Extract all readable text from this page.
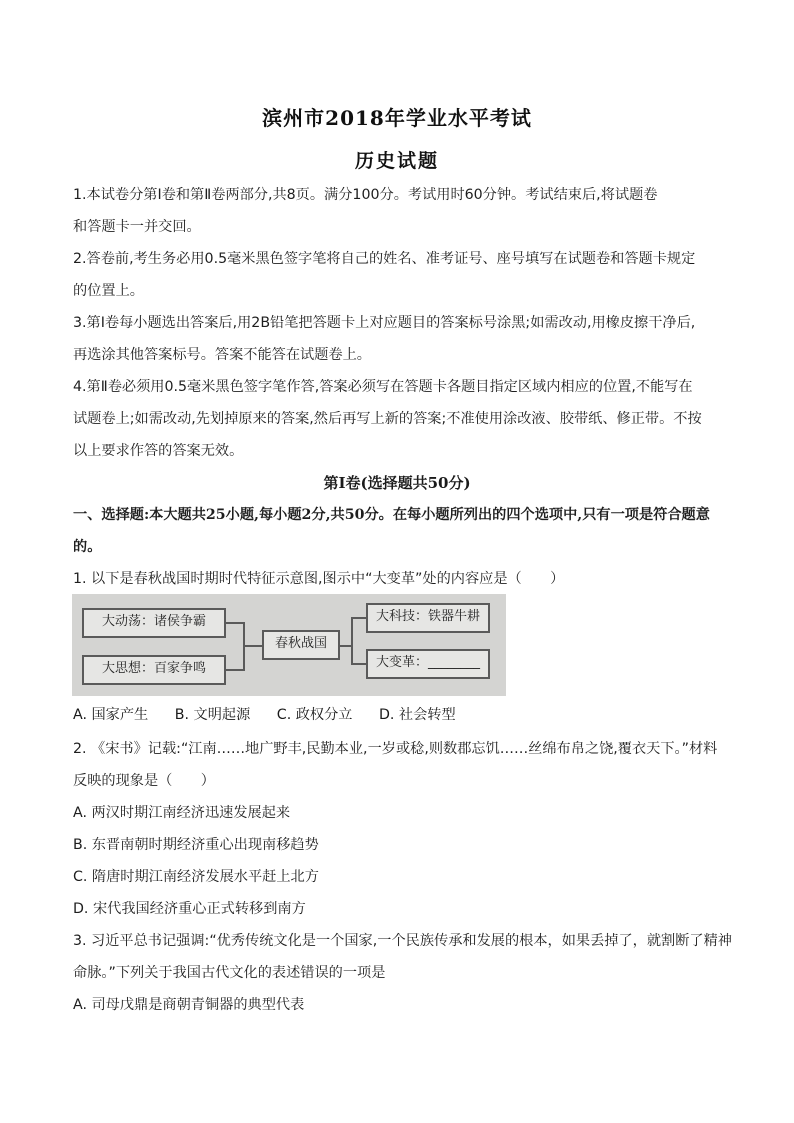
滨州市2018年学业水平考试
历史试题
1.本试卷分第Ⅰ卷和第Ⅱ卷两部分,共8页。满分100分。考试用时60分钟。考试结束后,将试题卷
和答题卡一并交回。
2.答卷前,考生务必用0.5毫米黑色签字笔将自己的姓名、准考证号、座号填写在试题卷和答题卡规定
的位置上。
3.第Ⅰ卷每小题选出答案后,用2B铅笔把答题卡上对应题目的答案标号涂黑;如需改动,用橡皮擦干净后,
再选涂其他答案标号。答案不能答在试题卷上。
4.第Ⅱ卷必须用0.5毫米黑色签字笔作答,答案必须写在答题卡各题目指定区域内相应的位置,不能写在
试题卷上;如需改动,先划掉原来的答案,然后再写上新的答案;不准使用涂改液、胶带纸、修正带。不按
以上要求作答的答案无效。
第Ⅰ卷(选择题共50分)
一、选择题:本大题共25小题,每小题2分,共50分。在每小题所列出的四个选项中,只有一项是符合题意
的。
1. 以下是春秋战国时期时代特征示意图,图示中“大变革”处的内容应是（　　）
大动荡：诸侯争霸
大思想：百家争鸣
春秋战国
大科技：铁器牛耕
大变革：________
A. 国家产生 B. 文明起源 C. 政权分立 D. 社会转型
2. 《宋书》记载:“江南……地广野丰,民勤本业,一岁或稔,则数郡忘饥……丝绵布帛之饶,覆衣天下。”材料
反映的现象是（　　）
A. 两汉时期江南经济迅速发展起来
B. 东晋南朝时期经济重心出现南移趋势
C. 隋唐时期江南经济发展水平赶上北方
D. 宋代我国经济重心正式转移到南方
3. 习近平总书记强调:“优秀传统文化是一个国家,一个民族传承和发展的根本，如果丢掉了，就割断了精神
命脉。”下列关于我国古代文化的表述错误的一项是
A. 司母戊鼎是商朝青铜器的典型代表
